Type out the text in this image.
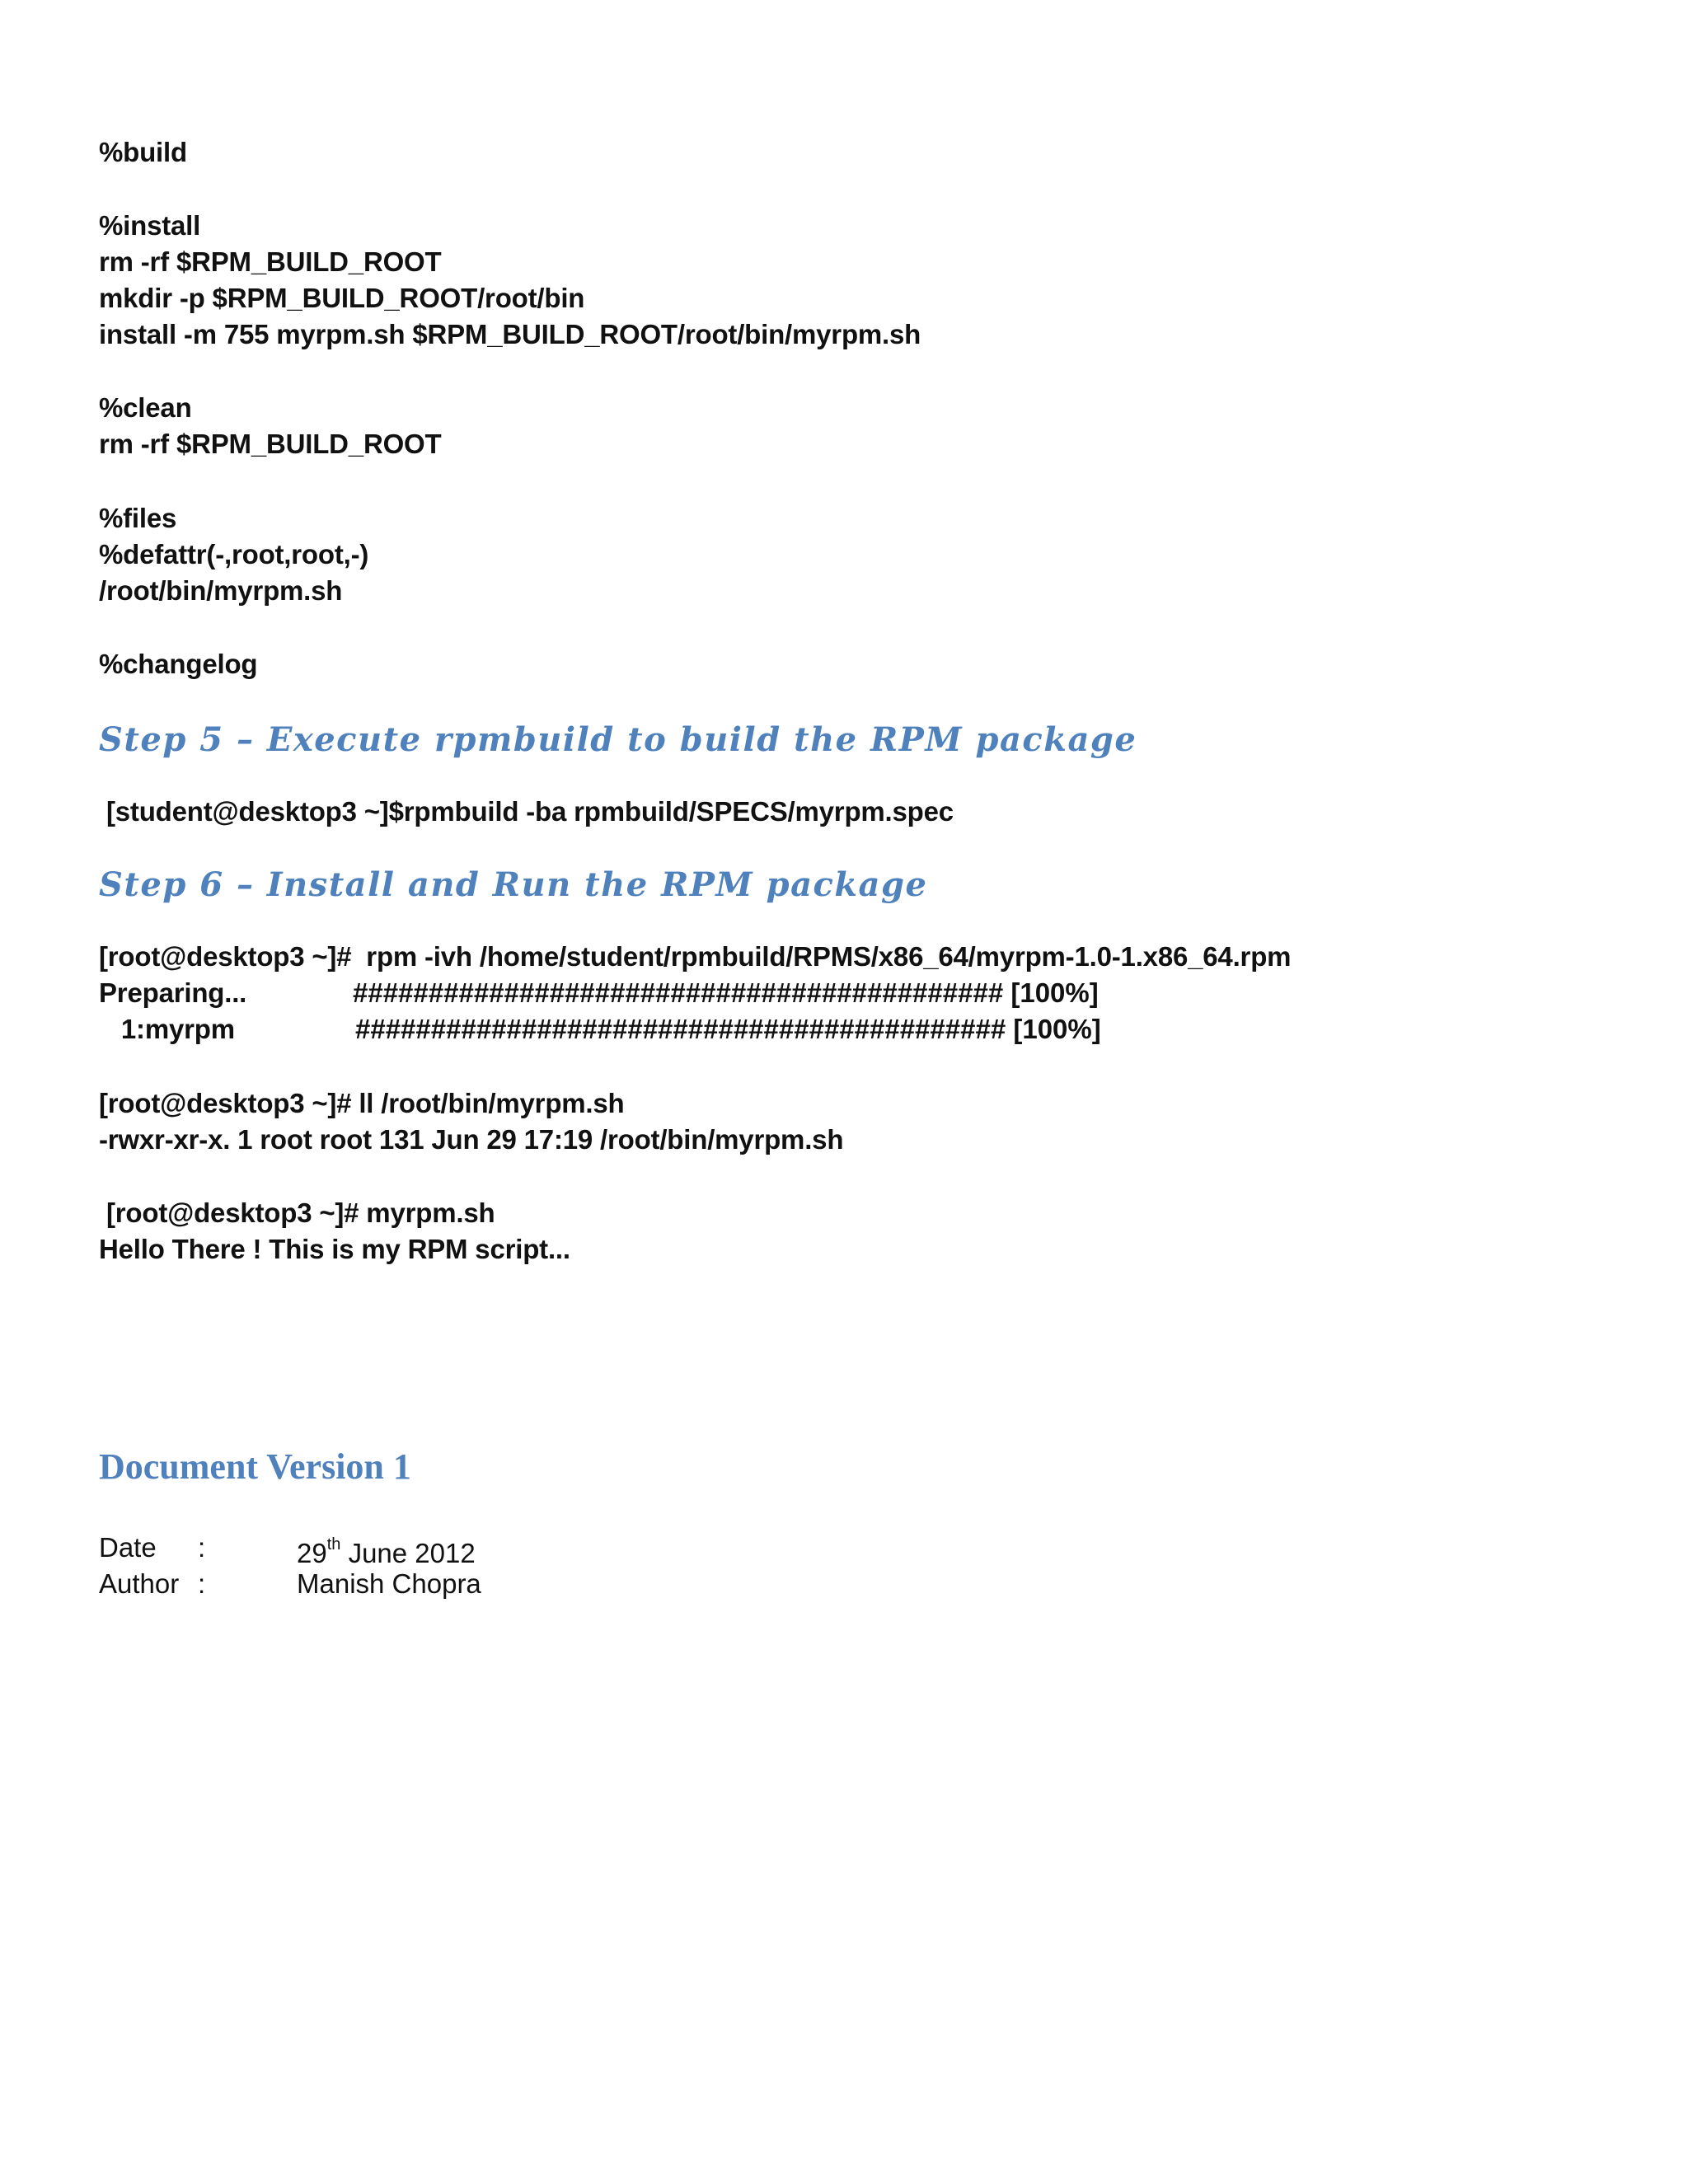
%build
%install
rm -rf $RPM_BUILD_ROOT
mkdir -p $RPM_BUILD_ROOT/root/bin
install -m 755 myrpm.sh $RPM_BUILD_ROOT/root/bin/myrpm.sh
%clean
rm -rf $RPM_BUILD_ROOT
%files
%defattr(-,root,root,-)
/root/bin/myrpm.sh
%changelog
Step 5 – Execute rpmbuild to build the RPM package
[student@desktop3 ~]$rpmbuild -ba rpmbuild/SPECS/myrpm.spec
Step 6 – Install and Run the RPM package
[root@desktop3 ~]#  rpm -ivh /home/student/rpmbuild/RPMS/x86_64/myrpm-1.0-1.x86_64.rpm
Preparing...	########################################### [100%]
1:myrpm	########################################### [100%]
[root@desktop3 ~]# ll /root/bin/myrpm.sh
-rwxr-xr-x. 1 root root 131 Jun 29 17:19 /root/bin/myrpm.sh
[root@desktop3 ~]# myrpm.sh
Hello There ! This is my RPM script...
Document Version 1
Date :	29th June 2012
Author :	Manish Chopra
